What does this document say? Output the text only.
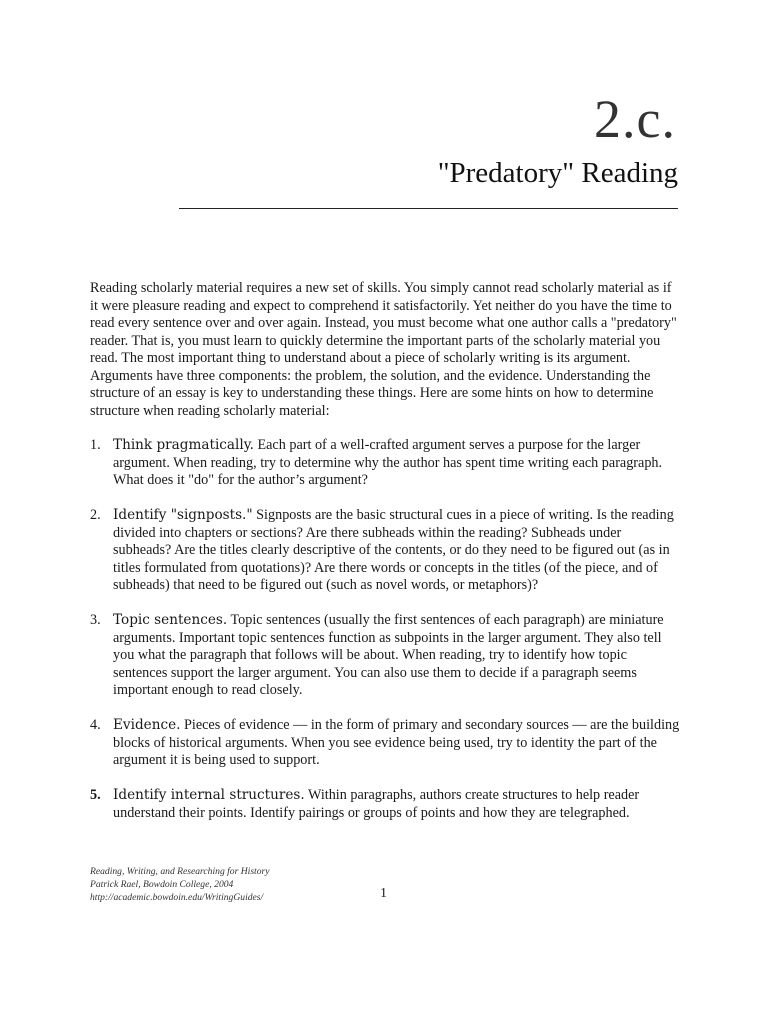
2.c.
"Predatory" Reading

Reading scholarly material requires a new set of skills. You simply cannot read scholarly material as if it were pleasure reading and expect to comprehend it satisfactorily. Yet neither do you have the time to read every sentence over and over again. Instead, you must become what one author calls a "predatory" reader. That is, you must learn to quickly determine the important parts of the scholarly material you read. The most important thing to understand about a piece of scholarly writing is its argument. Arguments have three components: the problem, the solution, and the evidence. Understanding the structure of an essay is key to understanding these things. Here are some hints on how to determine structure when reading scholarly material:

1. Think pragmatically. Each part of a well-crafted argument serves a purpose for the larger argument. When reading, try to determine why the author has spent time writing each paragraph. What does it "do" for the author’s argument?
2. Identify "signposts." Signposts are the basic structural cues in a piece of writing. Is the reading divided into chapters or sections? Are there subheads within the reading? Subheads under subheads? Are the titles clearly descriptive of the contents, or do they need to be figured out (as in titles formulated from quotations)? Are there words or concepts in the titles (of the piece, and of subheads) that need to be figured out (such as novel words, or metaphors)?
3. Topic sentences. Topic sentences (usually the first sentences of each paragraph) are miniature arguments. Important topic sentences function as subpoints in the larger argument. They also tell you what the paragraph that follows will be about. When reading, try to identify how topic sentences support the larger argument. You can also use them to decide if a paragraph seems important enough to read closely.
4. Evidence. Pieces of evidence — in the form of primary and secondary sources — are the building blocks of historical arguments. When you see evidence being used, try to identity the part of the argument it is being used to support.
5. Identify internal structures. Within paragraphs, authors create structures to help reader understand their points. Identify pairings or groups of points and how they are telegraphed.
Reading, Writing, and Researching for History
Patrick Rael, Bowdoin College, 2004
http://academic.bowdoin.edu/WritingGuides/	1
